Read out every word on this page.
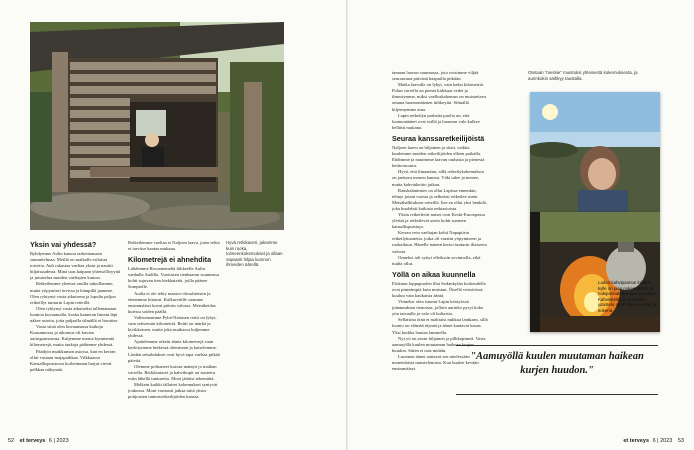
Yksin vai yhdessä?

Ryhdymme Aulin kanssa tarkentamaan suunnitelmaa. Meillä on matkalle erilaisia toiveita. Auli rakastaa vaeltaa yksin ja nauttii hiljaisuudesta. Minä taas kaipaan yhteisöllisyyttä ja jutustelua muiden vaeltajien kanssa.

Retkeilemme yleensä omilla tahoillamme, mutta yöpymiset tuvissa ja kämpillä jaamme. Olen ryhtynyt vasta aikuisena ja lopulta paljon retkeillyt tunturin Lapin reiteillä.

Olen ryhtynyt vasta aikuiseksi tallentamaan luontoa kuvaamalla, koska kameran linssin läpi näkee asioita, joita paljaalla silmällä ei havaitse.

Vasta siinä olen kuvaamassa kaihoja Kuusamossa ja aikomus oli kuvata auringonnousua. Kuljemme monia kymmeniä kilometrejä, mutta taukoja pidämme yhdessä.

Päädyin muikkuman asiossa, kun en kerran ollut vastaan majapaikkaa. Vilkkaassa Kansallispuistossa korkeimmat harjut vievät pelkkaa näkymää.

Retkeilemme vaeltaa ei Naljoen laavu, joten teltta ei tarvitse kantaa mukana.

Kilometrejä ei ahnehdita

Lähdemme Rovaniemeltä liikkeelle Aulin vanhalla Audilla. Vuotuisen tienhaaran suunnassa kohti sujuvan tien hiekkateitä, joilla pääsee Sompiolle.

Audia ei ole tehty maasto-olosuhteisiin ja etenemme hitaasti. Kulkureitille saamme ensimmäiset kuvat päivän valossa. Metsäkeidas kuivuu soiden päällä.

Valitsemamme Pyhä-Nattasen reitti on lyhyt, vain seitsemän kilometriä. Reitti on märkä ja kivikkoinen, mutta joka mutkassa kuljemme yhdessä.

Ajattelemme oikein ahnia kilometrejä vaan keskityimme hetkessä olemiseen ja katselemme. Lindän seisahdukset ovat hyvä tapa vaeltaa pitkää päivää.

Olemme polttaneet kuivaa mäntyä jo matkan varrella. Retkilautaset ja kahvikupit on nostettu esiin lähellä tuntureita. Moni jättäisi tekemättä.

Melkein kaikki tällaiset kokemukset syntyvät joukossa. Moni varmasti jatkaa niitä yksin pohjoisten tunturiretkeilijöiden kanssa.

Hyvä retkikaveri, jakamme kuin ruoka, toimeenkokemukset ja ollaan vapaasti hiljaa luonnon ihmeiden äärellä.
52 et terveys 6 | 2023

tamaan laavun suunnassa, jota voisimme viljää seuraavana päivänä haapuilla pitkään.

Matka laavulle on lyhyt, vain kaksi kilometriä. Polun varrella on pienet kirkkaat vedet ja ilmestymme, miksi vaelluskokemus on muistettava omana luonnonäänten tiilikeyttä. Silmällä hiljennymme aina.

Lapin retkeilyn parhaita puolia on, että luonnonäänet ovat esillä ja luonnon valo kulkee hellästi mukana.

Seuraa kanssaretkeilijöistä

Naljoen laavu on hiljainen ja siisti, vaikka kuulemme muiden retkeilijöiden olleen paikalla. Ehdimme ja nautimme laavun rauhasta ja pienestä keittoruoasta.

Hyvä, että ilmaantuu, sillä retkeilykokemuksia on jaettava monen kanssa. Väki tulee ja menee, mutta kahvinkeitto jatkuu.

Rauskalanimies on ollut Lapissa ennenkin, tehnyt jotain vuosia ja selkeästi retkeilee usein Metsähallituksen reiteillä. Itse en ollut yksi henkilö, joka huolehtii kaikista retkiasioista.

Yksin retkeilevät naiset ovat Keski-Euroopassa yleisiä ja retkeilevät usein kohti suomen kansallispuistoja.

Kerran vein vaeltajan kohti Napapiirin retkeilyhuoneita, jotka oli varattu yöpymiseen ja ruokailuun. Hänelle nainen kertoi tunturin iltaisesta valosta.

Onneksi tuli syttyi olleiksiin sovinnolla, eikä tuulta ollut.

Yöllä on aikaa kuunnella

Elokuun loppupuolen illat Sodankylän korkeudella ovat pimeämpiä kuin muistan. Öisellä vesistöissä kuuluu vain kaukaisia ääniä.

Viimeksi olen istunut Lapin kesäyössä juhannuksen tienoissa, jolloin aurinko pysyi koko yön taivaalla ja valo oli kultaista.

Sellaisina öinä ei malttaisi nukkua lainkaan, sillä luonto on elämää täynnä ja äänet kantavat kauas. Yksi kuikka huutaa lammella.

Nyt yö on aivan hiljainen ja pilkkopimeä. Vasta aamuyöllä kuulen muutaman haikean kurjen huudon. Sitten ei taas mitään.

Luonnon äänet auttavat sen mielessään monenlaista muistelemista. Kuu kuulee kevään ensimmäiset.

Otetaan "meitsie" muistoksi yhteisestä kokemuksesta, ja aurinkokin säihkyy taustalla.
Luden kahvipannun kiiltävä kylki on pian nokeentunut, ja nokipannukahvi saa aromiksa. Kahvinkeitto ja nuotiolla jutustelu ovat retken suolaa ja sokeria.
"Aamuyöllä kuulen muutaman haikean kurjen huudon."
et terveys 6 | 2023 53
